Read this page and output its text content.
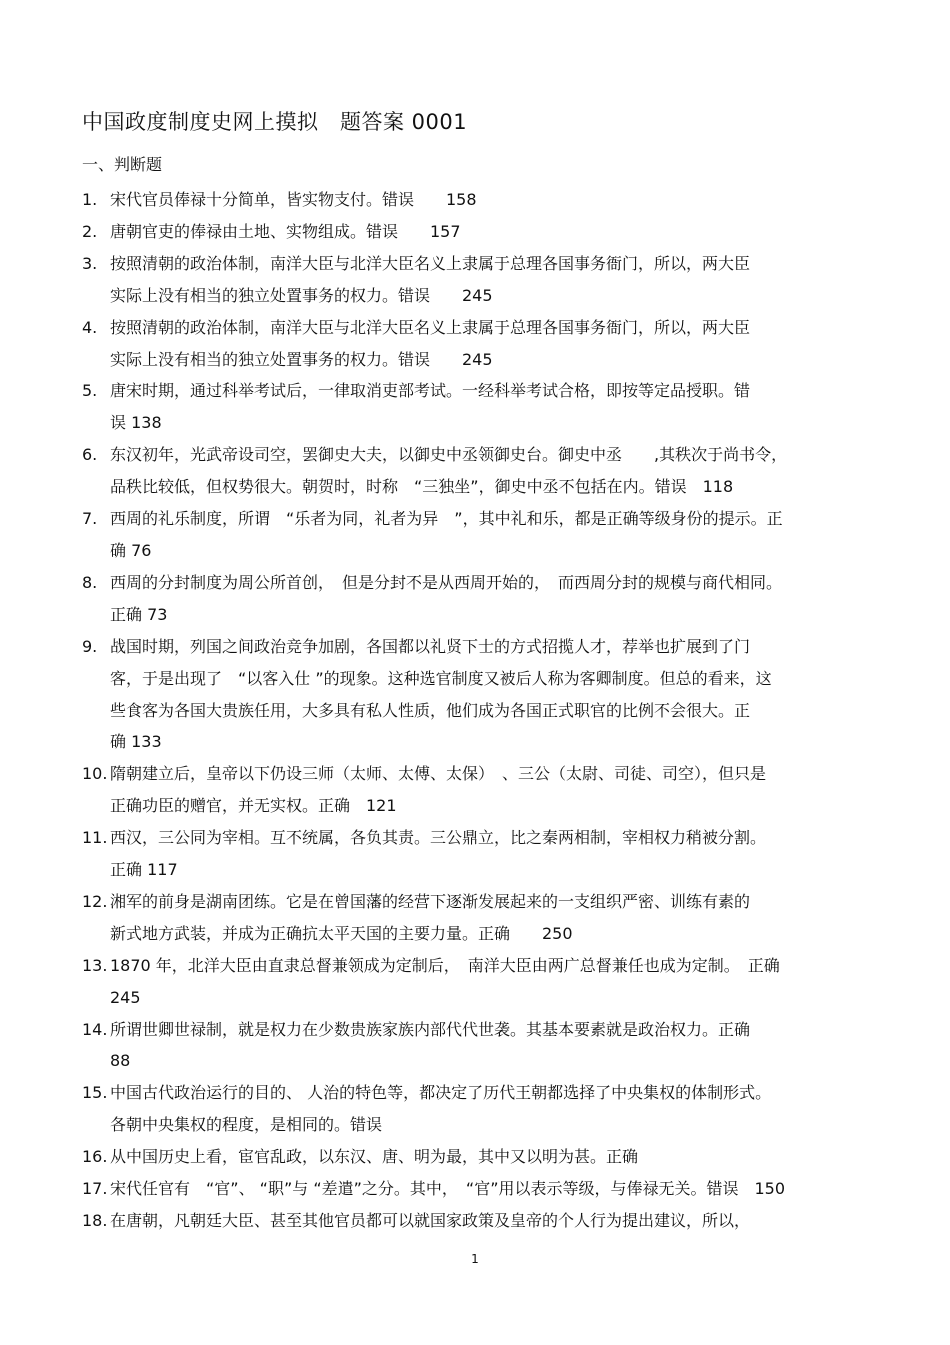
中国政度制度史网上摸拟　题答案 0001
一、判断题
1. 宋代官员俸禄十分简单，皆实物支付。错误　　158
2. 唐朝官吏的俸禄由土地、实物组成。错误　　157
3. 按照清朝的政治体制，南洋大臣与北洋大臣名义上隶属于总理各国事务衙门，所以，两大臣
实际上没有相当的独立处置事务的权力。错误　　245
4. 按照清朝的政治体制，南洋大臣与北洋大臣名义上隶属于总理各国事务衙门，所以，两大臣
实际上没有相当的独立处置事务的权力。错误　　245
5. 唐宋时期，通过科举考试后，一律取消吏部考试。一经科举考试合格，即按等定品授职。错
误 138
6. 东汉初年，光武帝设司空，罢御史大夫，以御史中丞领御史台。御史中丞　　,其秩次于尚书令，
品秩比较低，但权势很大。朝贺时，时称　“三独坐”，御史中丞不包括在内。错误　118
7. 西周的礼乐制度，所谓　“乐者为同，礼者为异　”，其中礼和乐，都是正确等级身份的提示。正
确 76
8. 西周的分封制度为周公所首创，　但是分封不是从西周开始的，　而西周分封的规模与商代相同。
正确 73
9. 战国时期，列国之间政治竞争加剧，各国都以礼贤下士的方式招揽人才，荐举也扩展到了门
客，于是出现了　“以客入仕 ”的现象。这种选官制度又被后人称为客卿制度。但总的看来，这
些食客为各国大贵族任用，大多具有私人性质，他们成为各国正式职官的比例不会很大。正
确 133
10. 隋朝建立后，皇帝以下仍设三师（太师、太傅、太保）　、三公（太尉、司徒、司空），但只是
正确功臣的赠官，并无实权。正确　121
11. 西汉，三公同为宰相。互不统属，各负其责。三公鼎立，比之秦两相制，宰相权力稍被分割。
正确 117
12. 湘军的前身是湖南团练。它是在曾国藩的经营下逐渐发展起来的一支组织严密、训练有素的
新式地方武装，并成为正确抗太平天国的主要力量。正确　　250
13. 1870 年，北洋大臣由直隶总督兼领成为定制后，　南洋大臣由两广总督兼任也成为定制。　正确
245
14. 所谓世卿世禄制，就是权力在少数贵族家族内部代代世袭。其基本要素就是政治权力。正确
88
15. 中国古代政治运行的目的、 人治的特色等，都决定了历代王朝都选择了中央集权的体制形式。
各朝中央集权的程度，是相同的。错误
16. 从中国历史上看，宦官乱政，以东汉、唐、明为最，其中又以明为甚。正确
17. 宋代任官有　“官”、 “职”与 “差遣”之分。其中，　“官”用以表示等级，与俸禄无关。错误　150
18. 在唐朝，凡朝廷大臣、甚至其他官员都可以就国家政策及皇帝的个人行为提出建议，所以，
1
